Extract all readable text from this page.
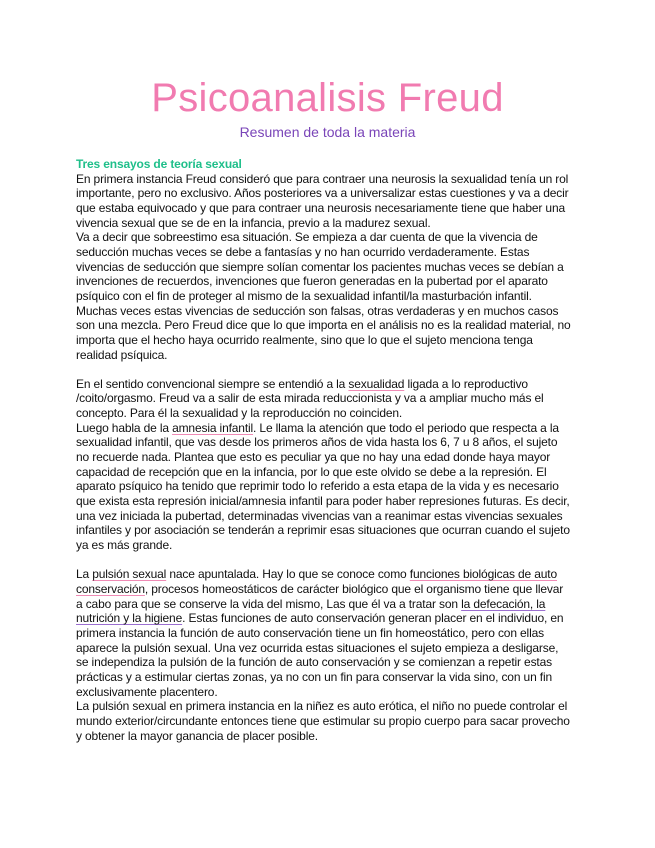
Psicoanalisis Freud
Resumen de toda la materia
Tres ensayos de teoría sexual
En primera instancia Freud consideró que para contraer una neurosis la sexualidad tenía un rol
importante, pero no exclusivo. Años posteriores va a universalizar estas cuestiones y va a decir
que estaba equivocado y que para contraer una neurosis necesariamente tiene que haber una
vivencia sexual que se de en la infancia, previo a la madurez sexual.
Va a decir que sobreestimo esa situación. Se empieza a dar cuenta de que la vivencia de
seducción muchas veces se debe a fantasías y no han ocurrido verdaderamente. Estas
vivencias de seducción que siempre solían comentar los pacientes muchas veces se debían a
invenciones de recuerdos, invenciones que fueron generadas en la pubertad por el aparato
psíquico con el fin de proteger al mismo de la sexualidad infantil/la masturbación infantil.
Muchas veces estas vivencias de seducción son falsas, otras verdaderas y en muchos casos
son una mezcla. Pero Freud dice que lo que importa en el análisis no es la realidad material, no
importa que el hecho haya ocurrido realmente, sino que lo que el sujeto menciona tenga
realidad psíquica.
En el sentido convencional siempre se entendió a la sexualidad ligada a lo reproductivo
/coito/orgasmo. Freud va a salir de esta mirada reduccionista y va a ampliar mucho más el
concepto. Para él la sexualidad y la reproducción no coinciden.
Luego habla de la amnesia infantil. Le llama la atención que todo el periodo que respecta a la
sexualidad infantil, que vas desde los primeros años de vida hasta los 6, 7 u 8 años, el sujeto
no recuerde nada. Plantea que esto es peculiar ya que no hay una edad donde haya mayor
capacidad de recepción que en la infancia, por lo que este olvido se debe a la represión. El
aparato psíquico ha tenido que reprimir todo lo referido a esta etapa de la vida y es necesario
que exista esta represión inicial/amnesia infantil para poder haber represiones futuras. Es decir,
una vez iniciada la pubertad, determinadas vivencias van a reanimar estas vivencias sexuales
infantiles y por asociación se tenderán a reprimir esas situaciones que ocurran cuando el sujeto
ya es más grande.
La pulsión sexual nace apuntalada. Hay lo que se conoce como funciones biológicas de auto
conservación, procesos homeostáticos de carácter biológico que el organismo tiene que llevar
a cabo para que se conserve la vida del mismo, Las que él va a tratar son la defecación, la
nutrición y la higiene. Estas funciones de auto conservación generan placer en el individuo, en
primera instancia la función de auto conservación tiene un fin homeostático, pero con ellas
aparece la pulsión sexual. Una vez ocurrida estas situaciones el sujeto empieza a desligarse,
se independiza la pulsión de la función de auto conservación y se comienzan a repetir estas
prácticas y a estimular ciertas zonas, ya no con un fin para conservar la vida sino, con un fin
exclusivamente placentero.
La pulsión sexual en primera instancia en la niñez es auto erótica, el niño no puede controlar el
mundo exterior/circundante entonces tiene que estimular su propio cuerpo para sacar provecho
y obtener la mayor ganancia de placer posible.
